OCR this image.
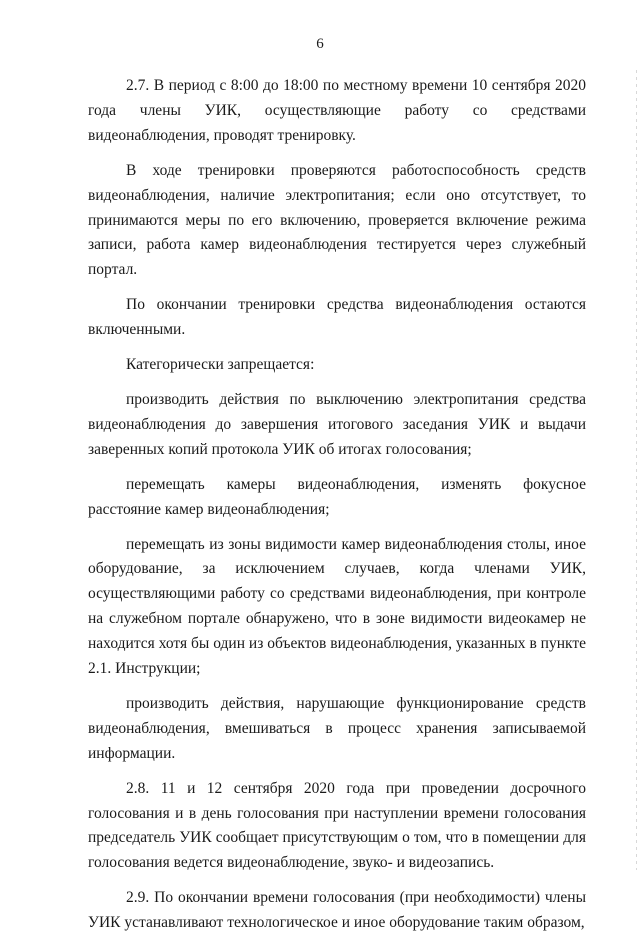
6

2.7. В период с 8:00 до 18:00 по местному времени 10 сентября 2020 года члены УИК, осуществляющие работу со средствами видеонаблюдения, проводят тренировку.

В ходе тренировки проверяются работоспособность средств видеонаблюдения, наличие электропитания; если оно отсутствует, то принимаются меры по его включению, проверяется включение режима записи, работа камер видеонаблюдения тестируется через служебный портал.

По окончании тренировки средства видеонаблюдения остаются включенными.

Категорически запрещается:

производить действия по выключению электропитания средства видеонаблюдения до завершения итогового заседания УИК и выдачи заверенных копий протокола УИК об итогах голосования;

перемещать камеры видеонаблюдения, изменять фокусное расстояние камер видеонаблюдения;

перемещать из зоны видимости камер видеонаблюдения столы, иное оборудование, за исключением случаев, когда членами УИК, осуществляющими работу со средствами видеонаблюдения, при контроле на служебном портале обнаружено, что в зоне видимости видеокамер не находится хотя бы один из объектов видеонаблюдения, указанных в пункте 2.1. Инструкции;

производить действия, нарушающие функционирование средств видеонаблюдения, вмешиваться в процесс хранения записываемой информации.

2.8. 11 и 12 сентября 2020 года при проведении досрочного голосования и в день голосования при наступлении времени голосования председатель УИК сообщает присутствующим о том, что в помещении для голосования ведется видеонаблюдение, звуко- и видеозапись.

2.9. По окончании времени голосования (при необходимости) члены УИК устанавливают технологическое и иное оборудование таким образом,
